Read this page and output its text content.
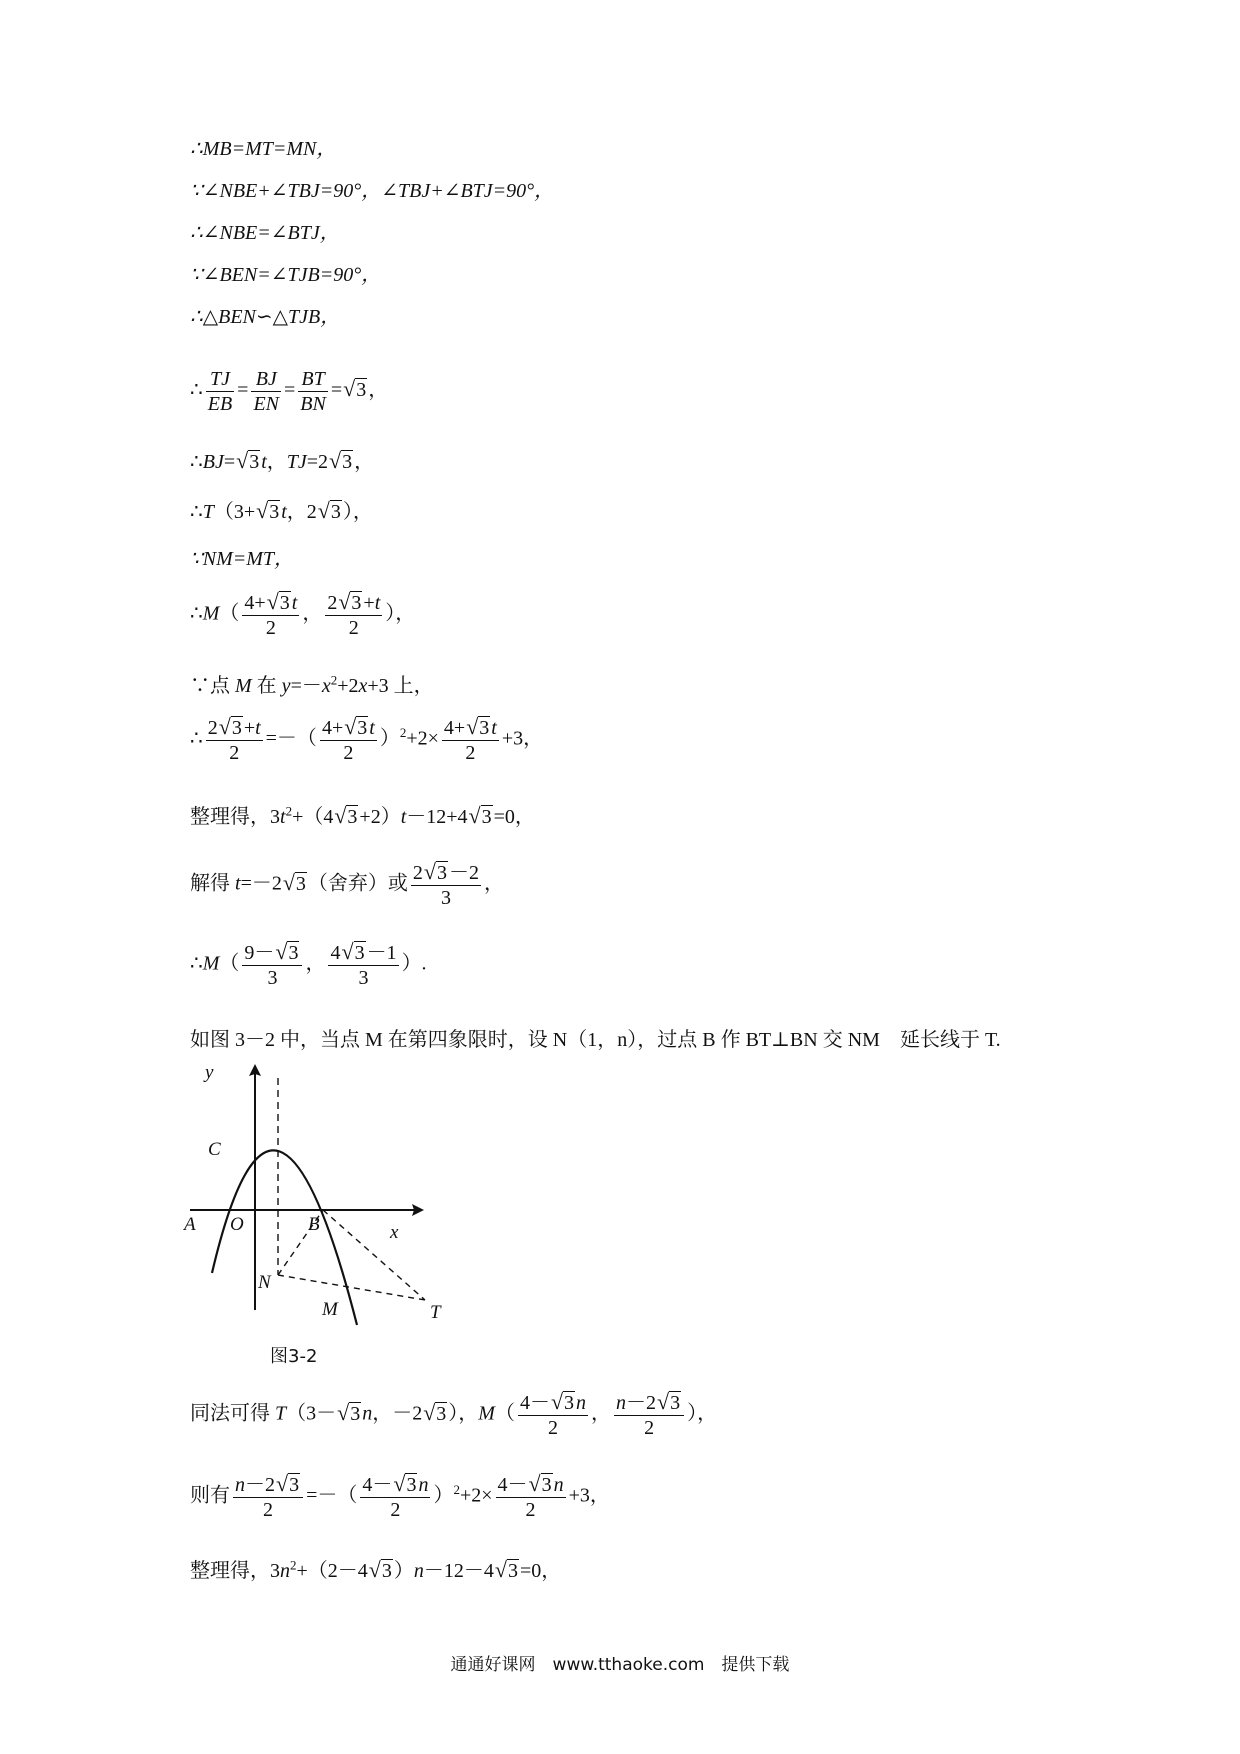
∴MB=MT=MN，
∵∠NBE+∠TBJ=90°，∠TBJ+∠BTJ=90°，
∴∠NBE=∠BTJ，
∵∠BEN=∠TJB=90°，
∴△BEN∽△TJB，
∴ $\frac{TJ}{EB} = \frac{BJ}{EN} = \frac{BT}{BN} =√3$ ，
∴BJ=√3 t，TJ=2√3 ，
∴T（3+√3 t，2√3 ），
∵NM=MT，
∴M（ $\frac{4+√3 t}{2}$ ， $\frac{2√3 +t}{2}$ ），
∵点 M 在 $y=-x^2+2x+3$ 上，
∴ $\frac{2√3 +t}{2}$ =－（ $\frac{4+√3 t}{2} )^2+2\times \frac{4+√3 t}{2} +3$，
整理得，$3t^2+(4√3 +2)t-12+4√3 =0$，
解得 t=－2√3 （舍弃）或 $\frac{2√3 -2}{3}$ ，
∴M（ $\frac{9-√3}{3}$ ， $\frac{4√3 -1}{3}$ ）.
如图 3－2 中，当点 M 在第四象限时，设 N（1，n），过点 B 作 BT⊥BN 交 NM　延长线于 T.
y
x
C
A O	B
N
M	T
图3-2
同法可得 T（3－√3 n，－2√3 ），$M( \frac{4-√3 n}{2}$ ， $\frac{n-2√3}{2}$ ），
则有 $\frac{n-2√3}{2}$ =－（ $\frac{4-√3 n}{2} )^2+2\times \frac{4-√3 n}{2} +3$，
整理得，$3n^2+(2-4√3$ ）n－12－4√3 =0，
通通好课网　www.tthaoke.com　提供下载
